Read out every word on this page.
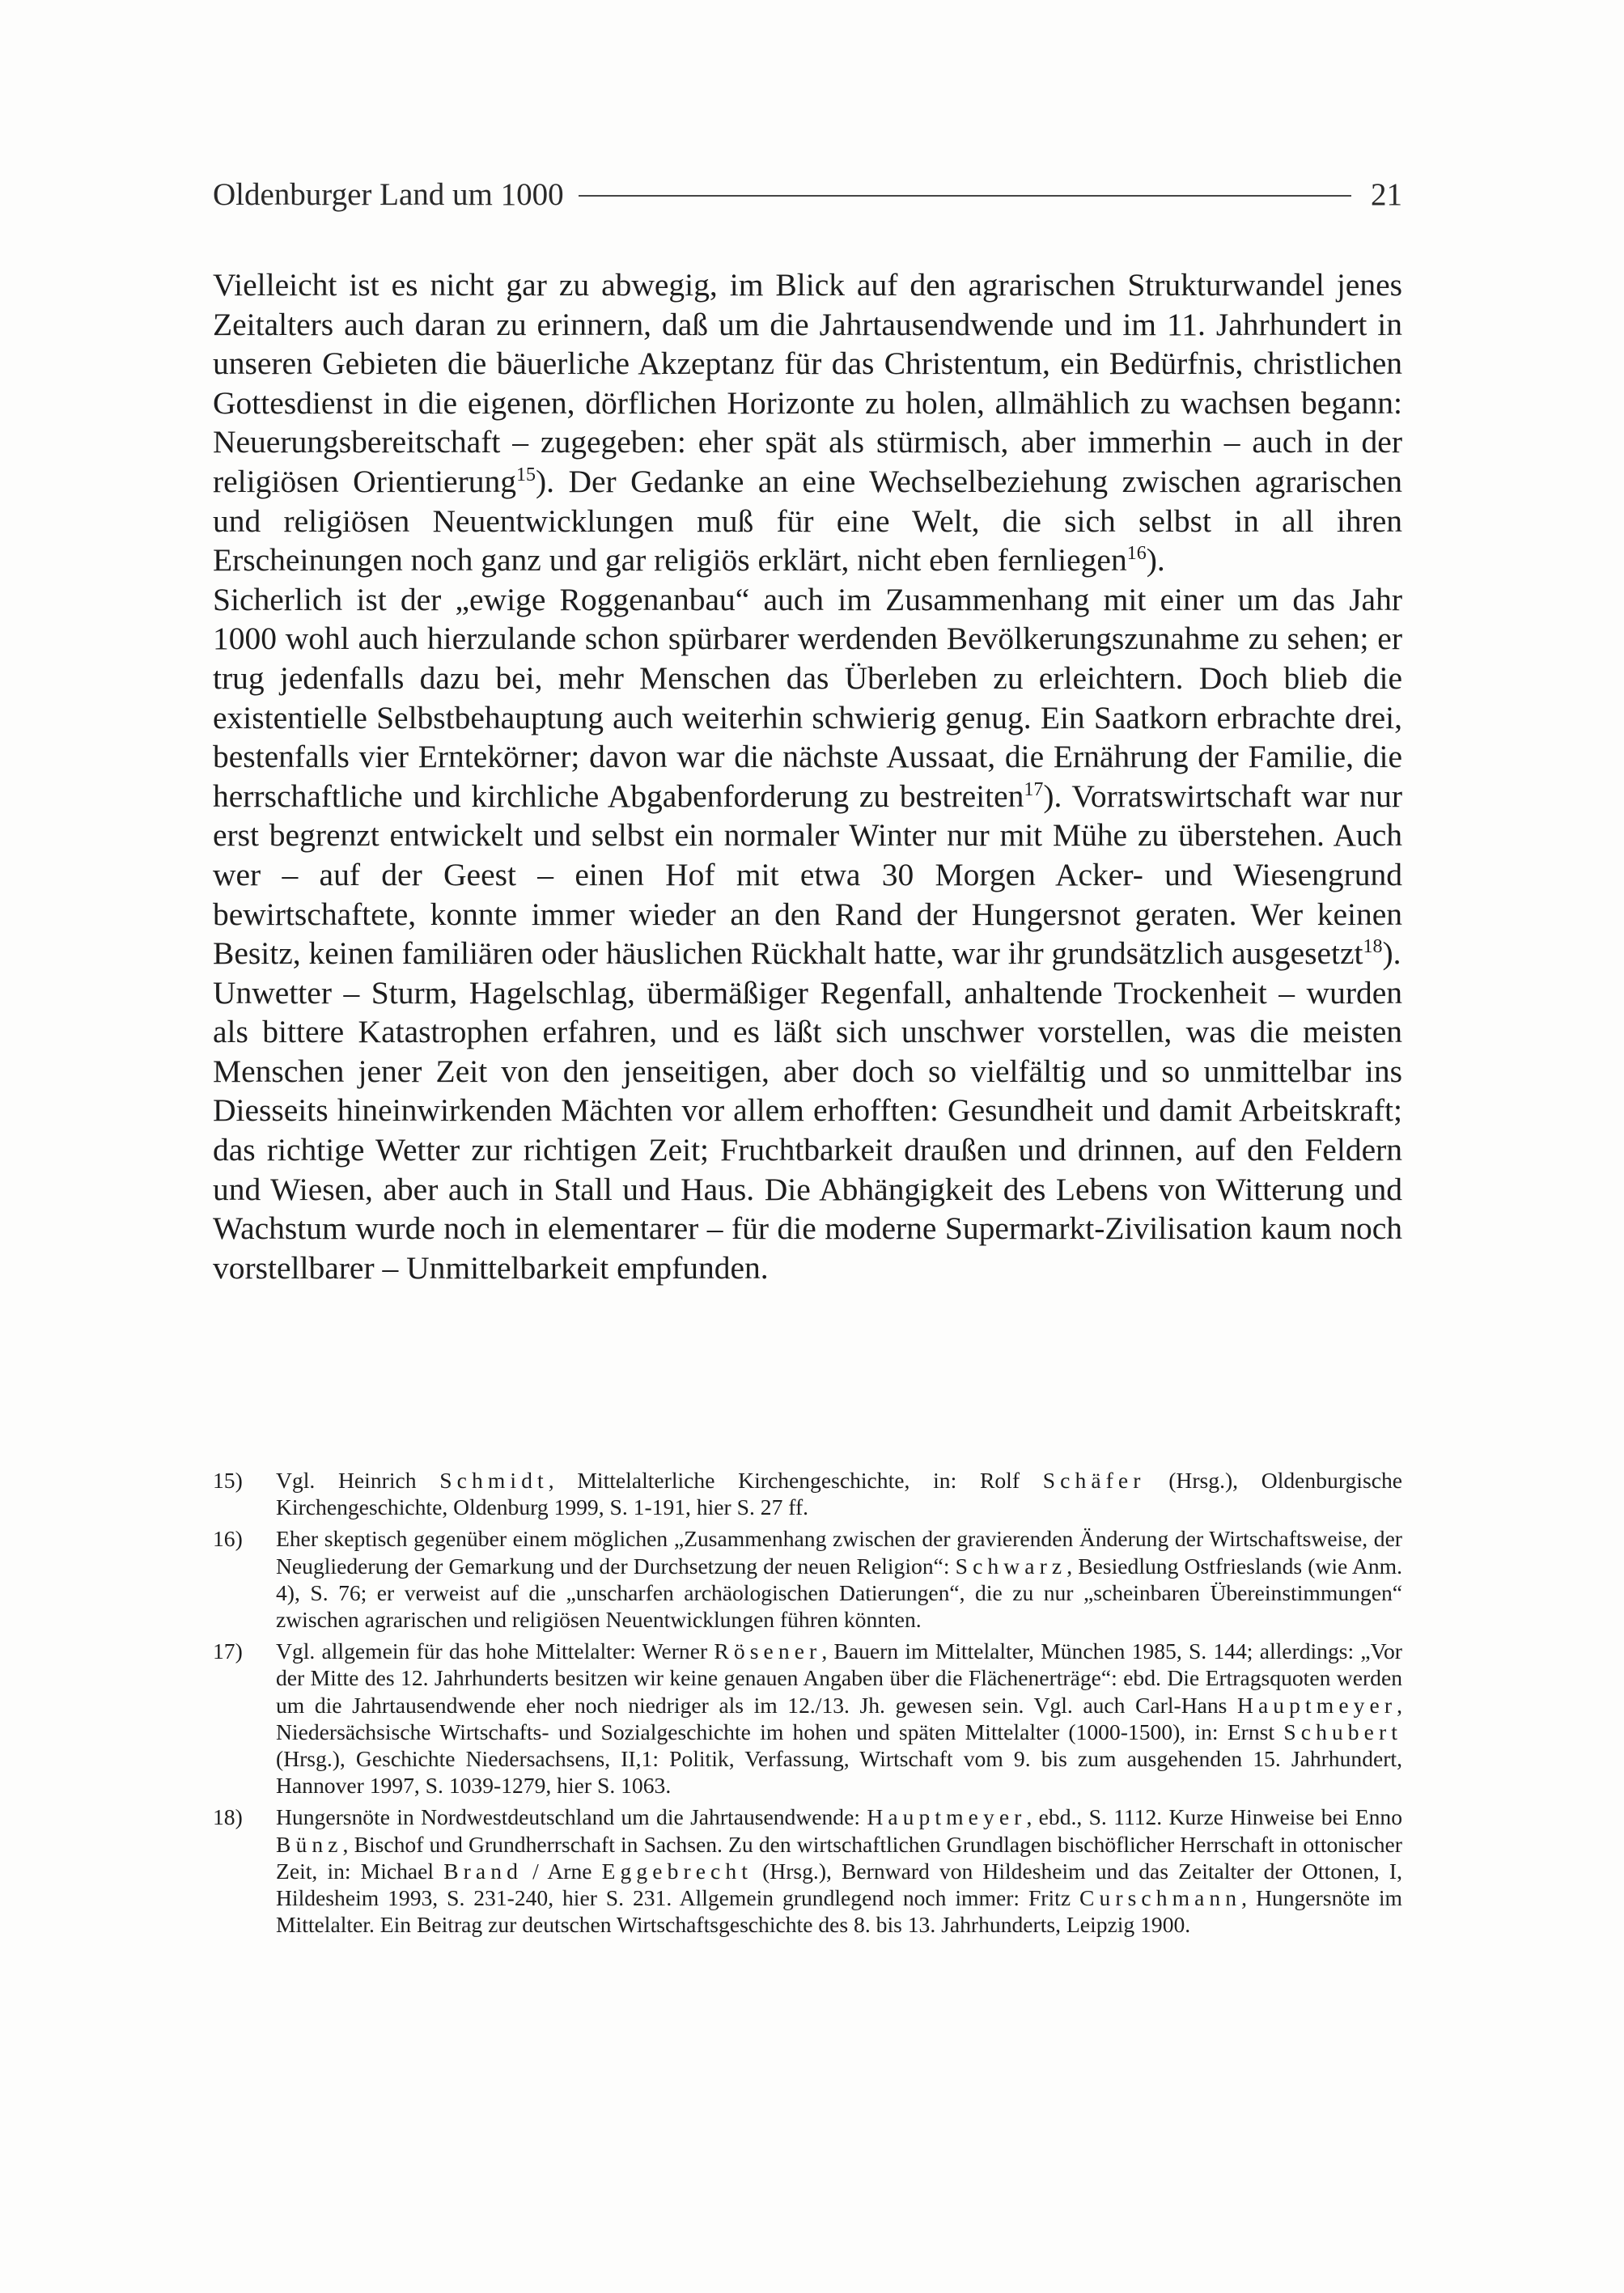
Oldenburger Land um 1000	21

Vielleicht ist es nicht gar zu abwegig, im Blick auf den agrarischen Strukturwandel jenes Zeitalters auch daran zu erinnern, daß um die Jahrtausendwende und im 11. Jahrhundert in unseren Gebieten die bäuerliche Akzeptanz für das Christentum, ein Bedürfnis, christlichen Gottesdienst in die eigenen, dörflichen Horizonte zu holen, allmählich zu wachsen begann: Neuerungsbereitschaft – zugegeben: eher spät als stürmisch, aber immerhin – auch in der religiösen Orientierung$^{15}$). Der Gedanke an eine Wechselbeziehung zwischen agrarischen und religiösen Neuentwicklungen muß für eine Welt, die sich selbst in all ihren Erscheinungen noch ganz und gar religiös erklärt, nicht eben fernliegen$^{16}$).

Sicherlich ist der „ewige Roggenanbau“ auch im Zusammenhang mit einer um das Jahr 1000 wohl auch hierzulande schon spürbarer werdenden Bevölkerungszunahme zu sehen; er trug jedenfalls dazu bei, mehr Menschen das Überleben zu erleichtern. Doch blieb die existentielle Selbstbehauptung auch weiterhin schwierig genug. Ein Saatkorn erbrachte drei, bestenfalls vier Erntekörner; davon war die nächste Aussaat, die Ernährung der Familie, die herrschaftliche und kirchliche Abgabenforderung zu bestreiten$^{17}$). Vorratswirtschaft war nur erst begrenzt entwickelt und selbst ein normaler Winter nur mit Mühe zu überstehen. Auch wer – auf der Geest – einen Hof mit etwa 30 Morgen Acker- und Wiesengrund bewirtschaftete, konnte immer wieder an den Rand der Hungersnot geraten. Wer keinen Besitz, keinen familiären oder häuslichen Rückhalt hatte, war ihr grundsätzlich ausgesetzt$^{18}$).

Unwetter – Sturm, Hagelschlag, übermäßiger Regenfall, anhaltende Trockenheit – wurden als bittere Katastrophen erfahren, und es läßt sich unschwer vorstellen, was die meisten Menschen jener Zeit von den jenseitigen, aber doch so vielfältig und so unmittelbar ins Diesseits hineinwirkenden Mächten vor allem erhofften: Gesundheit und damit Arbeitskraft; das richtige Wetter zur richtigen Zeit; Fruchtbarkeit draußen und drinnen, auf den Feldern und Wiesen, aber auch in Stall und Haus. Die Abhängigkeit des Lebens von Witterung und Wachstum wurde noch in elementarer – für die moderne Supermarkt-Zivilisation kaum noch vorstellbarer – Unmittelbarkeit empfunden.

15)	Vgl. Heinrich Schmidt, Mittelalterliche Kirchengeschichte, in: Rolf Schäfer (Hrsg.), Oldenburgische Kirchengeschichte, Oldenburg 1999, S. 1-191, hier S. 27 ff.
16)	Eher skeptisch gegenüber einem möglichen „Zusammenhang zwischen der gravierenden Änderung der Wirtschaftsweise, der Neugliederung der Gemarkung und der Durchsetzung der neuen Religion“: Schwarz, Besiedlung Ostfrieslands (wie Anm. 4), S. 76; er verweist auf die „unscharfen archäologischen Datierungen“, die zu nur „scheinbaren Übereinstimmungen“ zwischen agrarischen und religiösen Neuentwicklungen führen könnten.
17)	Vgl. allgemein für das hohe Mittelalter: Werner Rösener, Bauern im Mittelalter, München 1985, S. 144; allerdings: „Vor der Mitte des 12. Jahrhunderts besitzen wir keine genauen Angaben über die Flächenerträge“: ebd. Die Ertragsquoten werden um die Jahrtausendwende eher noch niedriger als im 12./13. Jh. gewesen sein. Vgl. auch Carl-Hans Hauptmeyer, Niedersächsische Wirtschafts- und Sozialgeschichte im hohen und späten Mittelalter (1000-1500), in: Ernst Schubert (Hrsg.), Geschichte Niedersachsens, II,1: Politik, Verfassung, Wirtschaft vom 9. bis zum ausgehenden 15. Jahrhundert, Hannover 1997, S. 1039-1279, hier S. 1063.
18)	Hungersnöte in Nordwestdeutschland um die Jahrtausendwende: Hauptmeyer, ebd., S. 1112. Kurze Hinweise bei Enno Bünz, Bischof und Grundherrschaft in Sachsen. Zu den wirtschaftlichen Grundlagen bischöflicher Herrschaft in ottonischer Zeit, in: Michael Brand / Arne Eggebrecht (Hrsg.), Bernward von Hildesheim und das Zeitalter der Ottonen, I, Hildesheim 1993, S. 231-240, hier S. 231. Allgemein grundlegend noch immer: Fritz Curschmann, Hungersnöte im Mittelalter. Ein Beitrag zur deutschen Wirtschaftsgeschichte des 8. bis 13. Jahrhunderts, Leipzig 1900.
